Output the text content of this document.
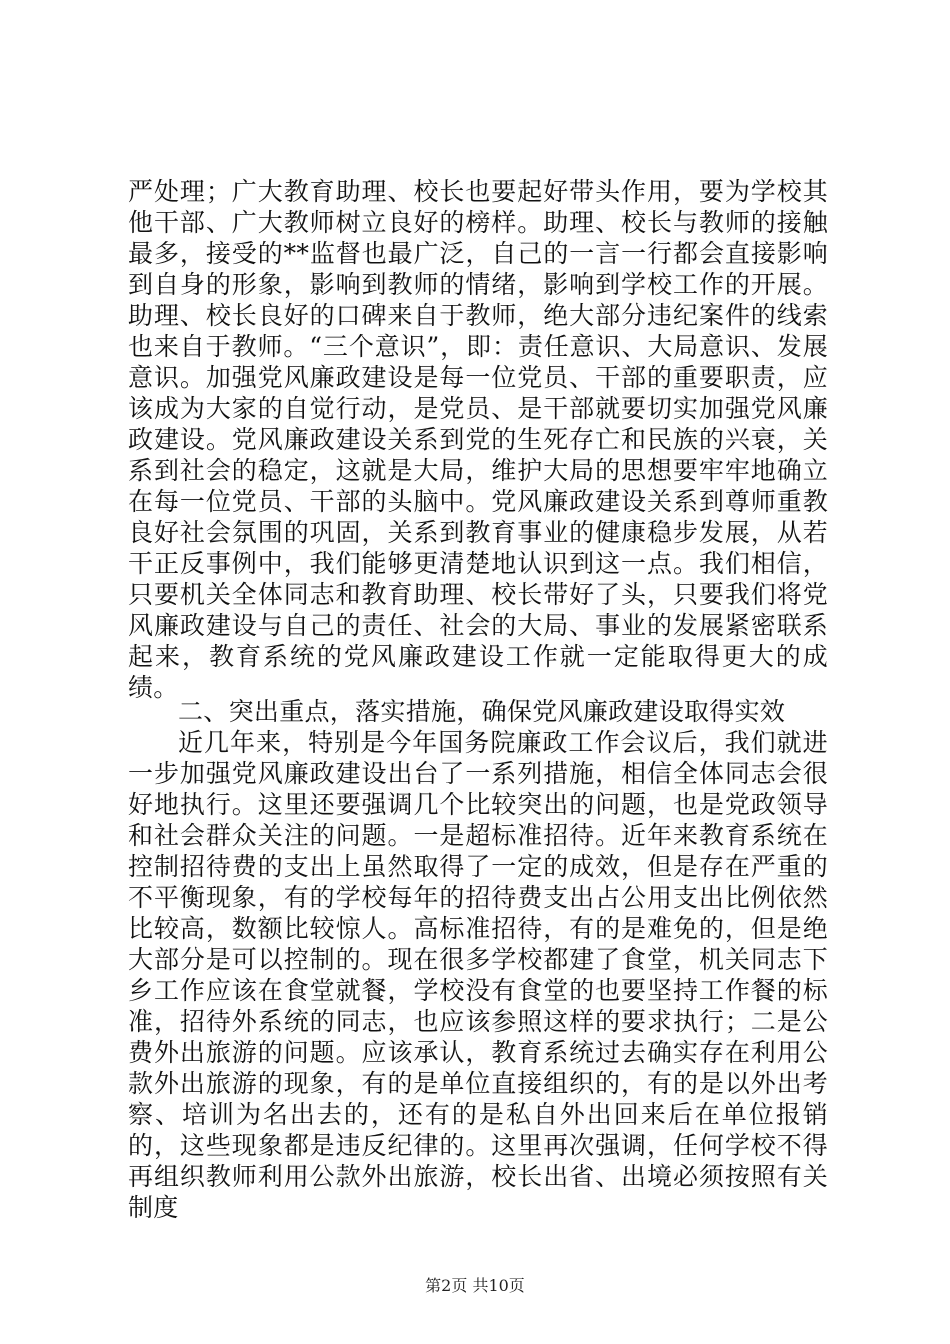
严处理；广大教育助理、校长也要起好带头作用，要为学校其他干部、广大教师树立良好的榜样。助理、校长与教师的接触最多，接受的**监督也最广泛，自己的一言一行都会直接影响到自身的形象，影响到教师的情绪，影响到学校工作的开展。助理、校长良好的口碑来自于教师，绝大部分违纪案件的线索也来自于教师。“三个意识”，即：责任意识、大局意识、发展意识。加强党风廉政建设是每一位党员、干部的重要职责，应该成为大家的自觉行动，是党员、是干部就要切实加强党风廉政建设。党风廉政建设关系到党的生死存亡和民族的兴衰，关系到社会的稳定，这就是大局，维护大局的思想要牢牢地确立在每一位党员、干部的头脑中。党风廉政建设关系到尊师重教良好社会氛围的巩固，关系到教育事业的健康稳步发展，从若干正反事例中，我们能够更清楚地认识到这一点。我们相信，只要机关全体同志和教育助理、校长带好了头，只要我们将党风廉政建设与自己的责任、社会的大局、事业的发展紧密联系起来，教育系统的党风廉政建设工作就一定能取得更大的成绩。

二、突出重点，落实措施，确保党风廉政建设取得实效

近几年来，特别是今年国务院廉政工作会议后，我们就进一步加强党风廉政建设出台了一系列措施，相信全体同志会很好地执行。这里还要强调几个比较突出的问题，也是党政领导和社会群众关注的问题。一是超标准招待。近年来教育系统在控制招待费的支出上虽然取得了一定的成效，但是存在严重的不平衡现象，有的学校每年的招待费支出占公用支出比例依然比较高，数额比较惊人。高标准招待，有的是难免的，但是绝大部分是可以控制的。现在很多学校都建了食堂，机关同志下乡工作应该在食堂就餐，学校没有食堂的也要坚持工作餐的标准，招待外系统的同志，也应该参照这样的要求执行；二是公费外出旅游的问题。应该承认，教育系统过去确实存在利用公款外出旅游的现象，有的是单位直接组织的，有的是以外出考察、培训为名出去的，还有的是私自外出回来后在单位报销的，这些现象都是违反纪律的。这里再次强调，任何学校不得再组织教师利用公款外出旅游，校长出省、出境必须按照有关制度

第2页 共10页
